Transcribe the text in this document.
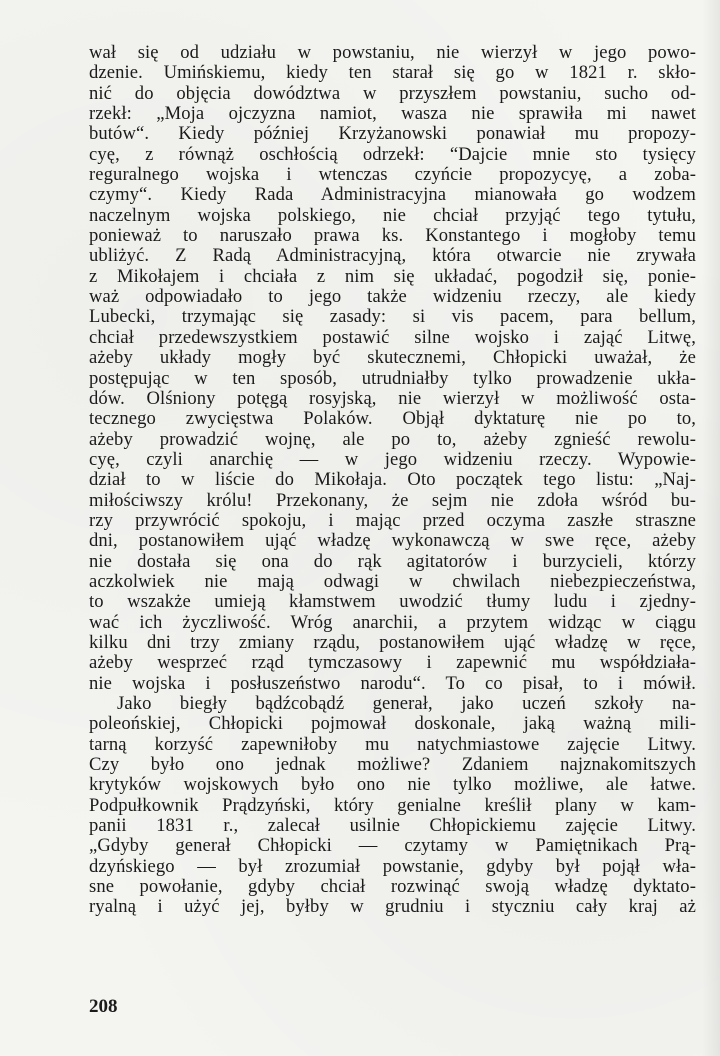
wał się od udziału w powstaniu, nie wierzył w jego powo-
dzenie. Umińskiemu, kiedy ten starał się go w 1821 r. skło-
nić do objęcia dowództwa w przyszłem powstaniu, sucho od-
rzekł: „Moja ojczyzna namiot, wasza nie sprawiła mi nawet
butów“. Kiedy później Krzyżanowski ponawiał mu propozy-
cyę, z równąż oschłością odrzekł: “Dajcie mnie sto tysięcy
reguralnego wojska i wtenczas czyńcie propozycyę, a zoba-
czymy“. Kiedy Rada Administracyjna mianowała go wodzem
naczelnym wojska polskiego, nie chciał przyjąć tego tytułu,
ponieważ to naruszało prawa ks. Konstantego i mogłoby temu
ubliżyć. Z Radą Administracyjną, która otwarcie nie zrywała
z Mikołajem i chciała z nim się układać, pogodził się, ponie-
waż odpowiadało to jego także widzeniu rzeczy, ale kiedy
Lubecki, trzymając się zasady: si vis pacem, para bellum,
chciał przedewszystkiem postawić silne wojsko i zająć Litwę,
ażeby układy mogły być skutecznemi, Chłopicki uważał, że
postępując w ten sposób, utrudniałby tylko prowadzenie ukła-
dów. Olśniony potęgą rosyjską, nie wierzył w możliwość osta-
tecznego zwycięstwa Polaków. Objął dyktaturę nie po to,
ażeby prowadzić wojnę, ale po to, ażeby zgnieść rewolu-
cyę, czyli anarchię — w jego widzeniu rzeczy. Wypowie-
dział to w liście do Mikołaja. Oto początek tego listu: „Naj-
miłościwszy królu! Przekonany, że sejm nie zdoła wśród bu-
rzy przywrócić spokoju, i mając przed oczyma zaszłe straszne
dni, postanowiłem ująć władzę wykonawczą w swe ręce, ażeby
nie dostała się ona do rąk agitatorów i burzycieli, którzy
aczkolwiek nie mają odwagi w chwilach niebezpieczeństwa,
to wszakże umieją kłamstwem uwodzić tłumy ludu i zjedny-
wać ich życzliwość. Wróg anarchii, a przytem widząc w ciągu
kilku dni trzy zmiany rządu, postanowiłem ująć władzę w ręce,
ażeby wesprzeć rząd tymczasowy i zapewnić mu współdziała-
nie wojska i posłuszeństwo narodu“. To co pisał, to i mówił.
Jako biegły bądźcobądź generał, jako uczeń szkoły na-
poleońskiej, Chłopicki pojmował doskonale, jaką ważną mili-
tarną korzyść zapewniłoby mu natychmiastowe zajęcie Litwy.
Czy było ono jednak możliwe? Zdaniem najznakomitszych
krytyków wojskowych było ono nie tylko możliwe, ale łatwe.
Podpułkownik Prądzyński, który genialne kreślił plany w kam-
panii 1831 r., zalecał usilnie Chłopickiemu zajęcie Litwy.
„Gdyby generał Chłopicki — czytamy w Pamiętnikach Prą-
dzyńskiego — był zrozumiał powstanie, gdyby był pojął wła-
sne powołanie, gdyby chciał rozwinąć swoją władzę dyktato-
ryalną i użyć jej, byłby w grudniu i styczniu cały kraj aż
208
